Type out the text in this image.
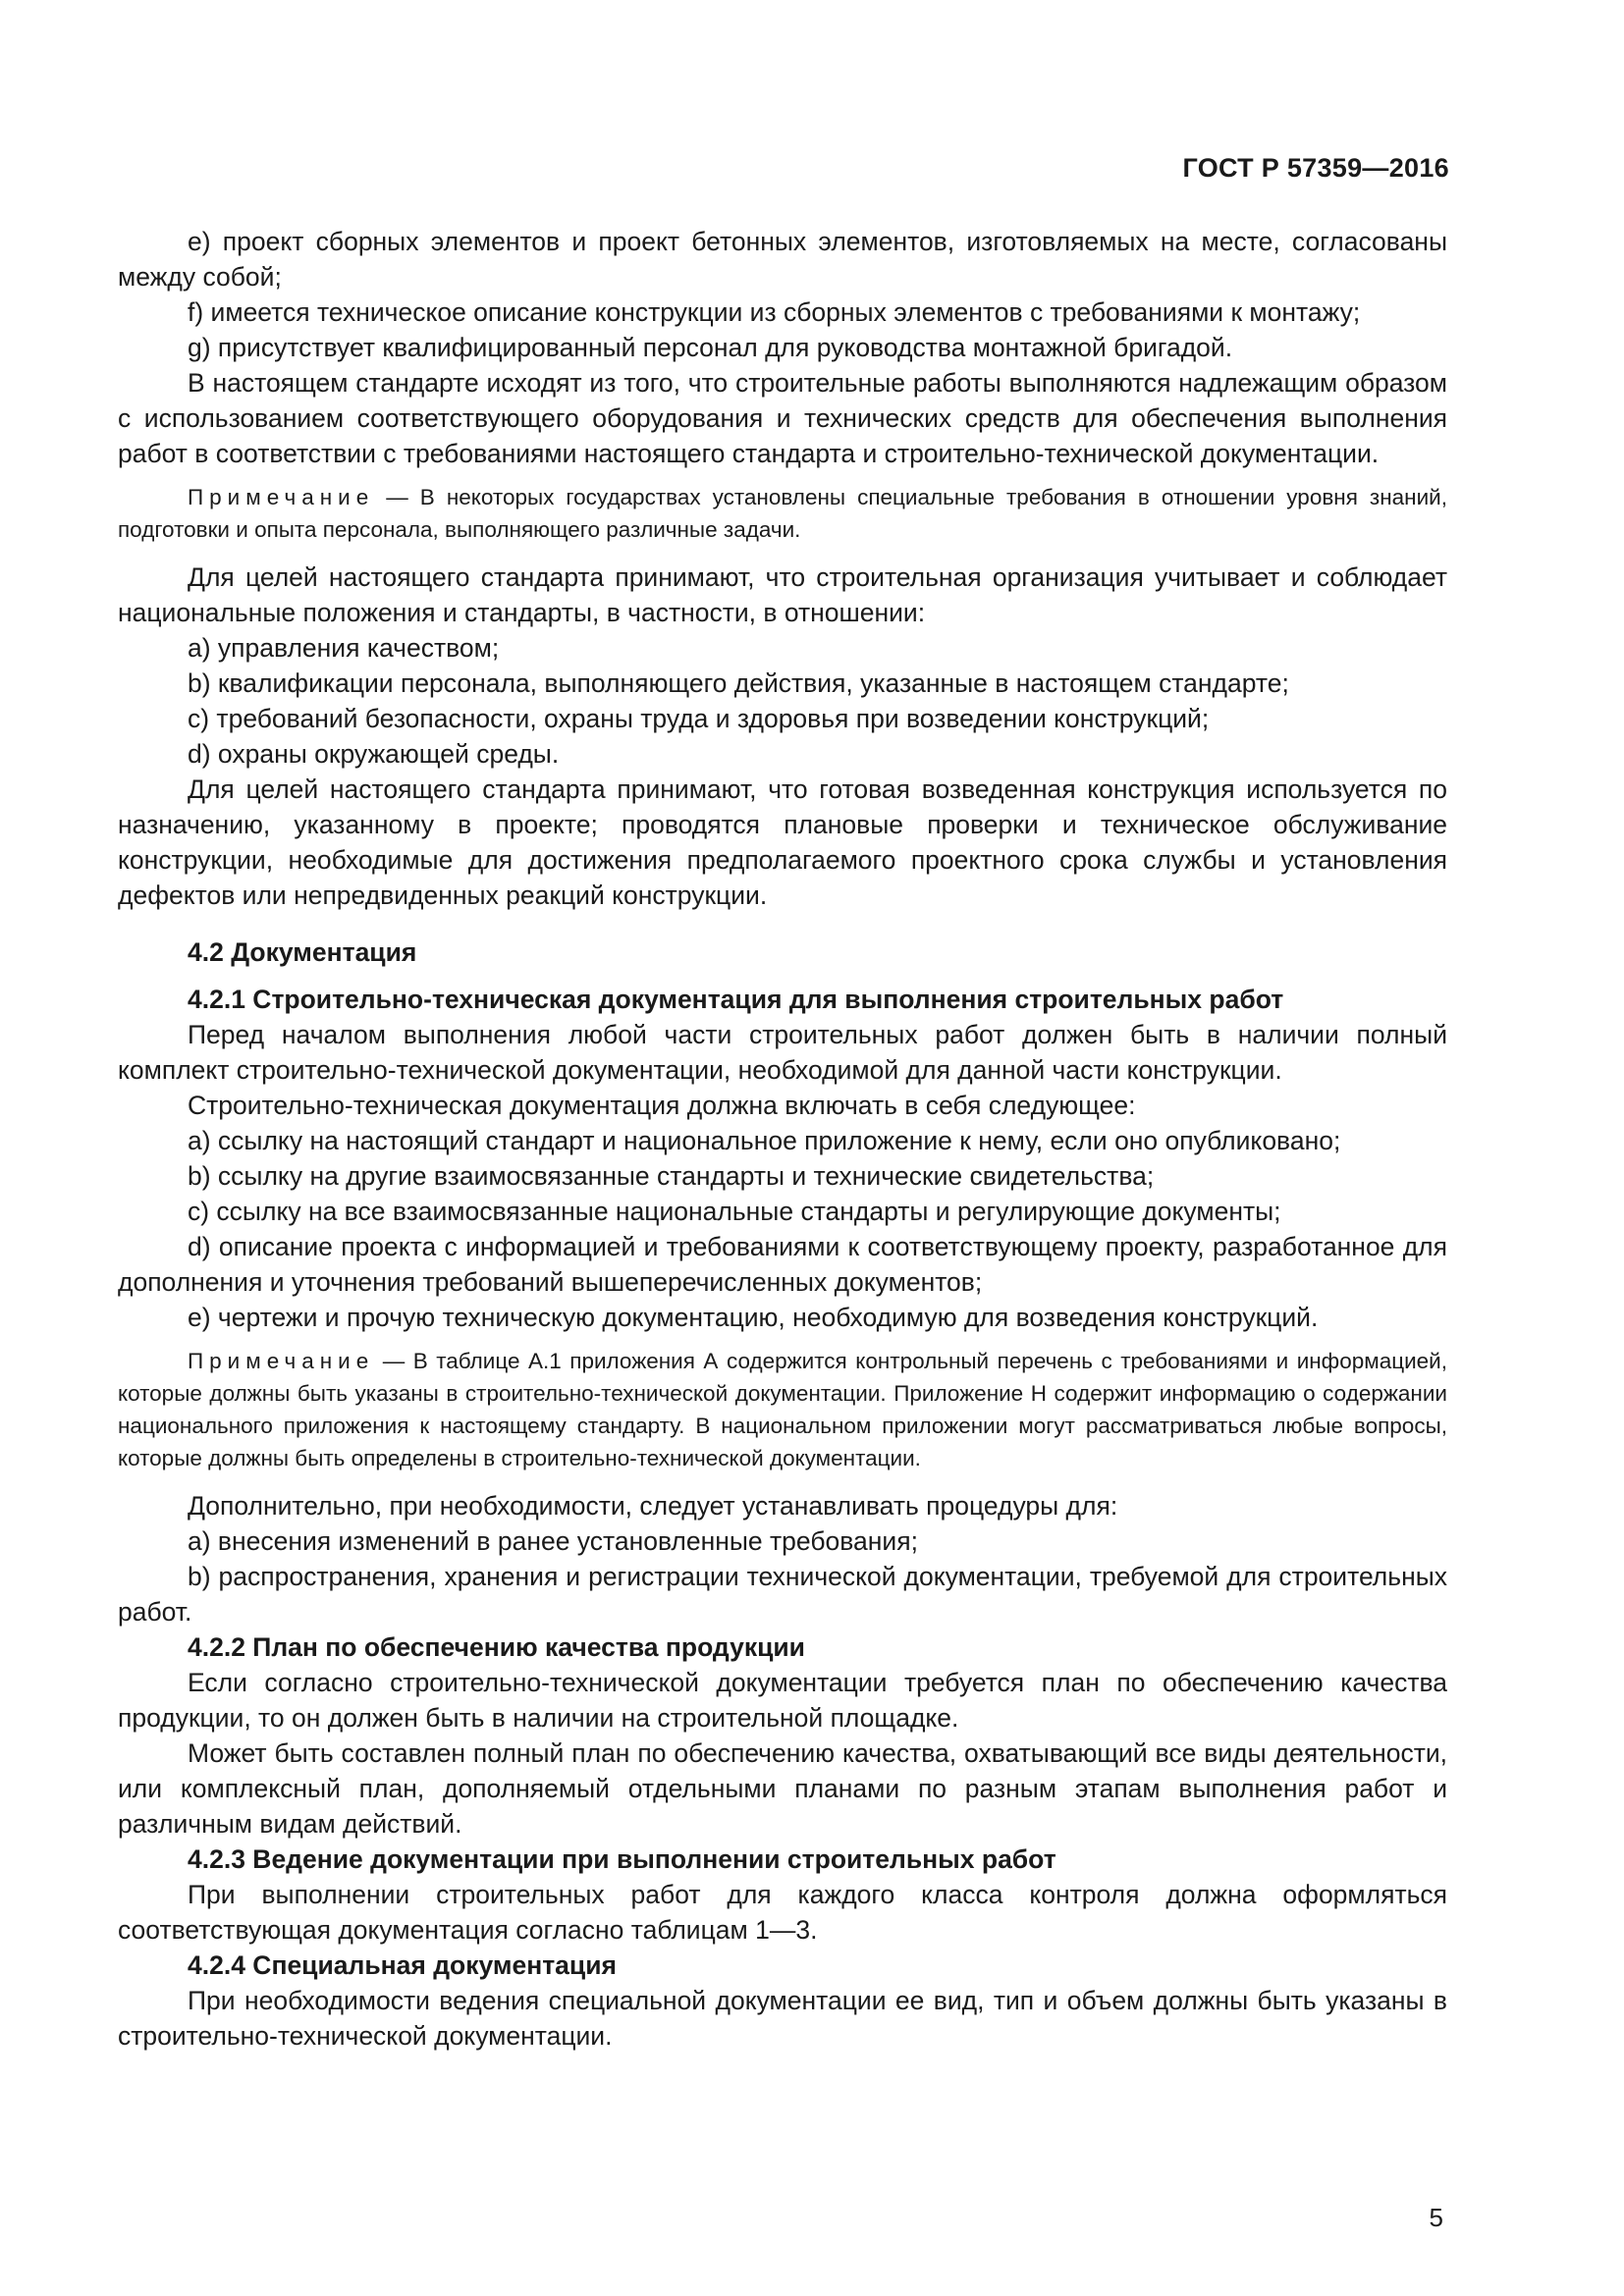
ГОСТ Р 57359—2016

e) проект сборных элементов и проект бетонных элементов, изготовляемых на месте, согласованы между собой;

f) имеется техническое описание конструкции из сборных элементов с требованиями к монтажу;

g) присутствует квалифицированный персонал для руководства монтажной бригадой.

В настоящем стандарте исходят из того, что строительные работы выполняются надлежащим образом с использованием соответствующего оборудования и технических средств для обеспечения выполнения работ в соответствии с требованиями настоящего стандарта и строительно-технической документации.

Примечание — В некоторых государствах установлены специальные требования в отношении уровня знаний, подготовки и опыта персонала, выполняющего различные задачи.

Для целей настоящего стандарта принимают, что строительная организация учитывает и соблюдает национальные положения и стандарты, в частности, в отношении:

a) управления качеством;

b) квалификации персонала, выполняющего действия, указанные в настоящем стандарте;

c) требований безопасности, охраны труда и здоровья при возведении конструкций;

d) охраны окружающей среды.

Для целей настоящего стандарта принимают, что готовая возведенная конструкция используется по назначению, указанному в проекте; проводятся плановые проверки и техническое обслуживание конструкции, необходимые для достижения предполагаемого проектного срока службы и установления дефектов или непредвиденных реакций конструкции.

4.2 Документация

4.2.1 Строительно-техническая документация для выполнения строительных работ

Перед началом выполнения любой части строительных работ должен быть в наличии полный комплект строительно-технической документации, необходимой для данной части конструкции.

Строительно-техническая документация должна включать в себя следующее:

a) ссылку на настоящий стандарт и национальное приложение к нему, если оно опубликовано;

b) ссылку на другие взаимосвязанные стандарты и технические свидетельства;

c) ссылку на все взаимосвязанные национальные стандарты и регулирующие документы;

d) описание проекта с информацией и требованиями к соответствующему проекту, разработанное для дополнения и уточнения требований вышеперечисленных документов;

e) чертежи и прочую техническую документацию, необходимую для возведения конструкций.

Примечание — В таблице А.1 приложения А содержится контрольный перечень с требованиями и информацией, которые должны быть указаны в строительно-технической документации. Приложение Н содержит информацию о содержании национального приложения к настоящему стандарту. В национальном приложении могут рассматриваться любые вопросы, которые должны быть определены в строительно-технической документации.

Дополнительно, при необходимости, следует устанавливать процедуры для:

a) внесения изменений в ранее установленные требования;

b) распространения, хранения и регистрации технической документации, требуемой для строительных работ.

4.2.2 План по обеспечению качества продукции

Если согласно строительно-технической документации требуется план по обеспечению качества продукции, то он должен быть в наличии на строительной площадке.

Может быть составлен полный план по обеспечению качества, охватывающий все виды деятельности, или комплексный план, дополняемый отдельными планами по разным этапам выполнения работ и различным видам действий.

4.2.3 Ведение документации при выполнении строительных работ

При выполнении строительных работ для каждого класса контроля должна оформляться соответствующая документация согласно таблицам 1—3.

4.2.4 Специальная документация

При необходимости ведения специальной документации ее вид, тип и объем должны быть указаны в строительно-технической документации.

5
